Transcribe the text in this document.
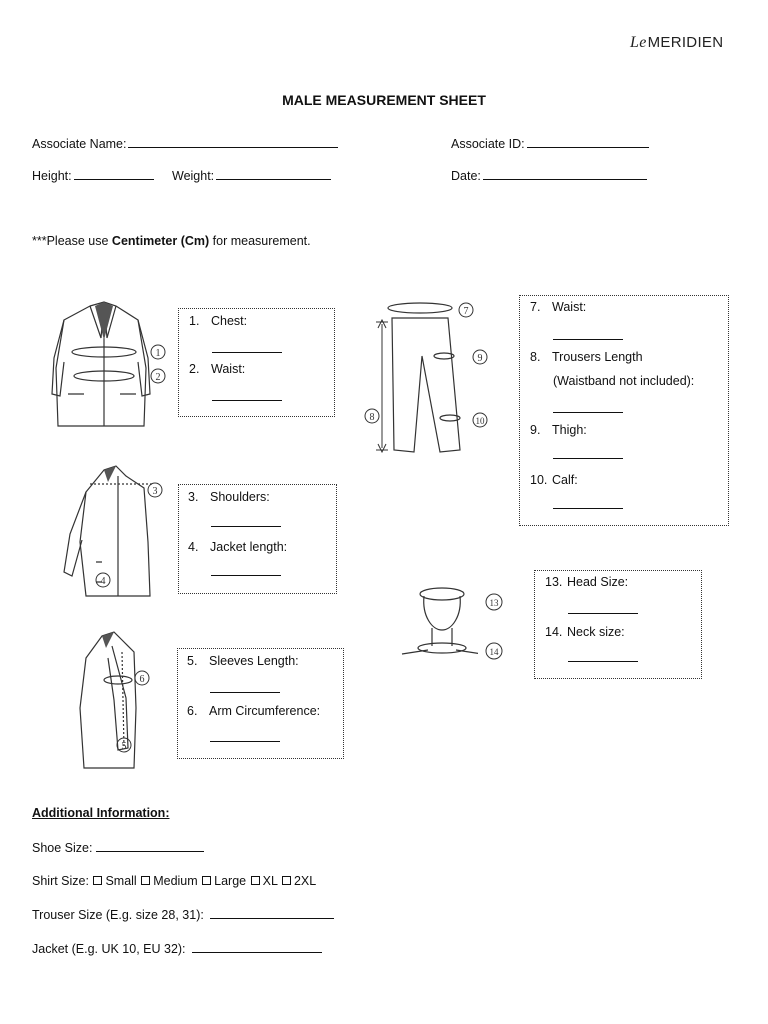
LeMERIDIEN
MALE MEASUREMENT SHEET
Associate Name:	Associate ID:
Height:	Weight:	Date:
***Please use Centimeter (Cm) for measurement.
1
2
3
4
6
5
7
9
8	10
13
14
1. Chest:
2. Waist:
3. Shoulders:
4. Jacket length:
5. Sleeves Length:
6. Arm Circumference:
7. Waist:
8. Trousers Length
(Waistband not included):
9. Thigh:
10. Calf:
13. Head Size:
14. Neck size:
Additional Information:
Shoe Size:
Shirt Size: Small Medium Large XL 2XL
Trouser Size (E.g. size 28, 31):
Jacket (E.g. UK 10, EU 32):
